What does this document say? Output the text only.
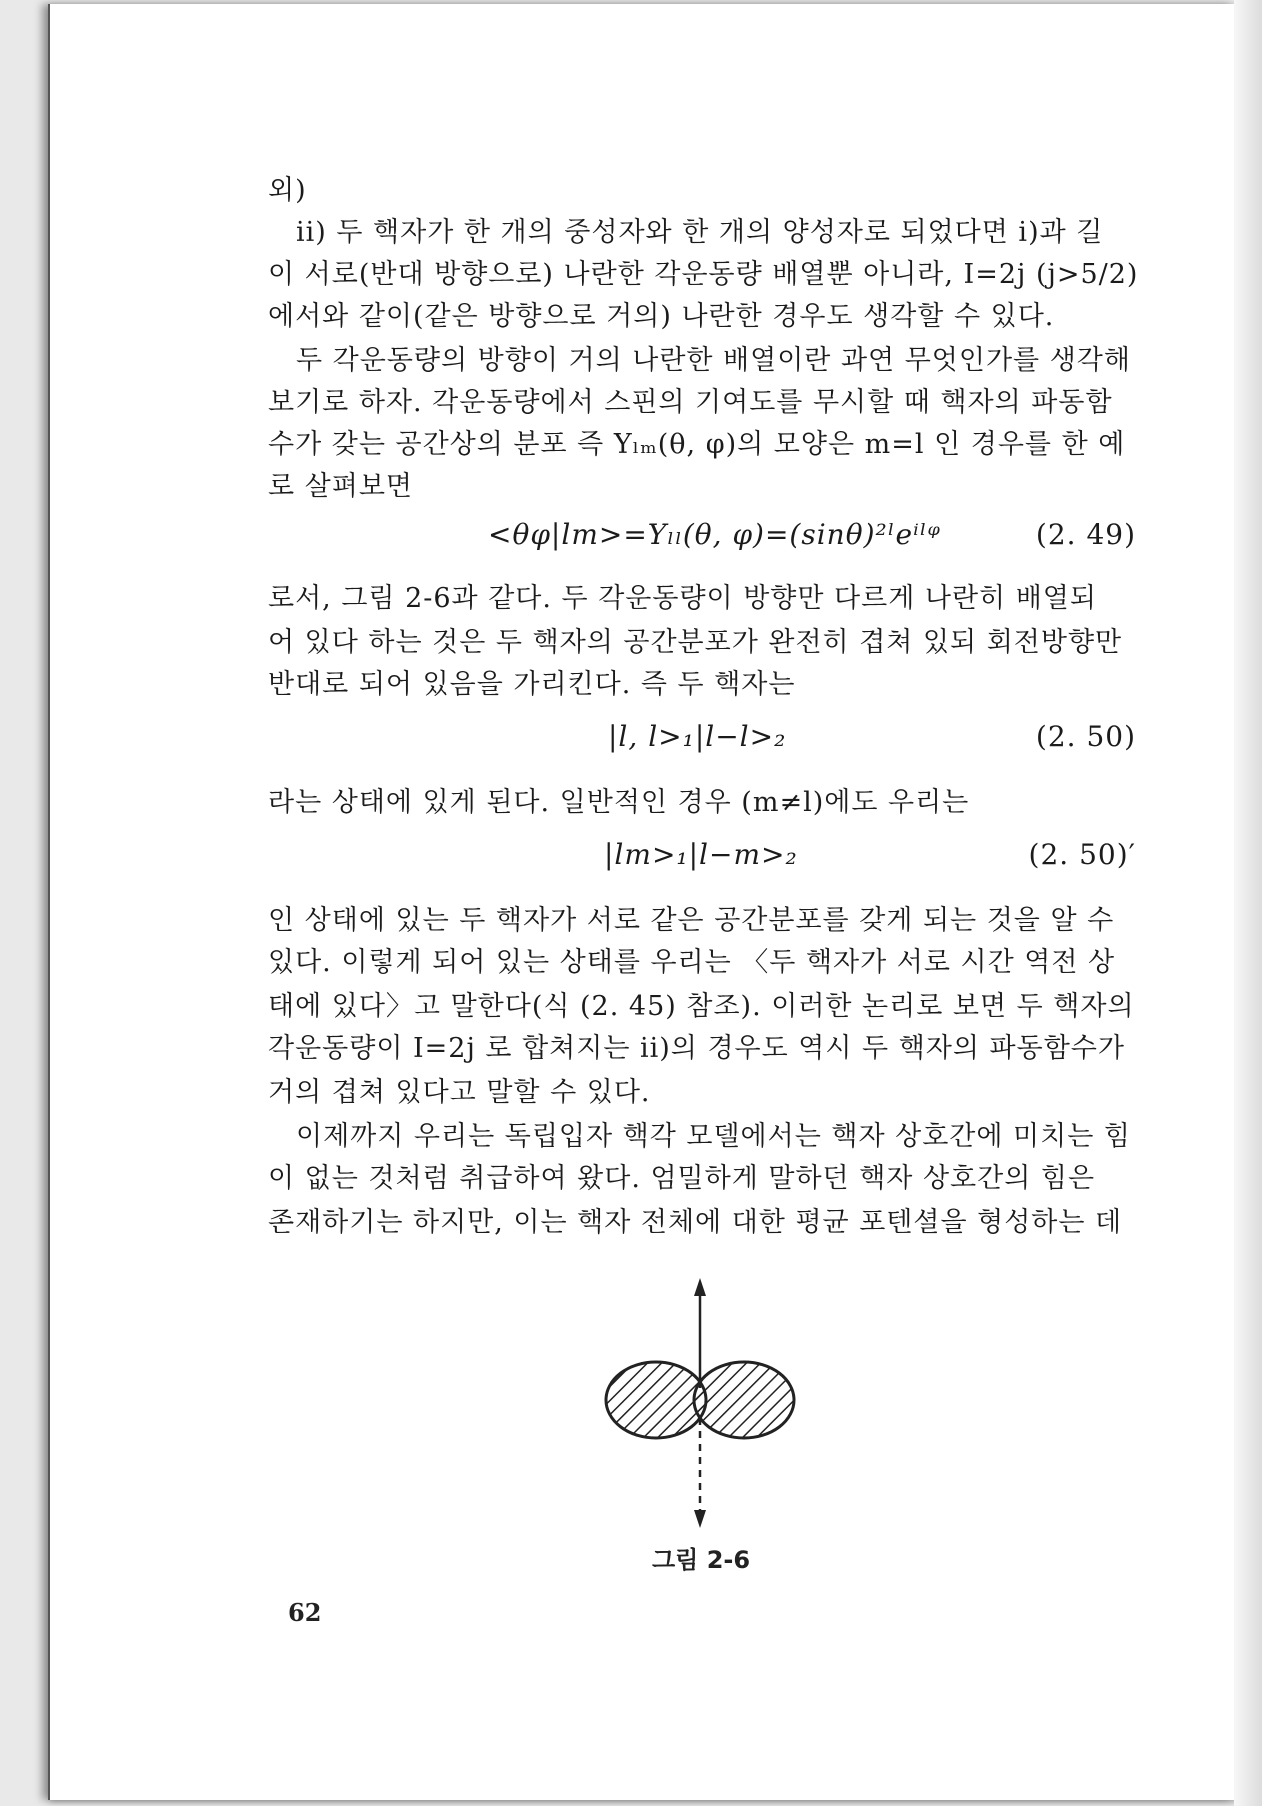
외)
ii) 두 핵자가 한 개의 중성자와 한 개의 양성자로 되었다면 i)과 길
이 서로(반대 방향으로) 나란한 각운동량 배열뿐 아니라, I=2j (j>5/2)
에서와 같이(같은 방향으로 거의) 나란한 경우도 생각할 수 있다.
두 각운동량의 방향이 거의 나란한 배열이란 과연 무엇인가를 생각해
보기로 하자. 각운동량에서 스핀의 기여도를 무시할 때 핵자의 파동함
수가 갖는 공간상의 분포 즉 Yₗₘ(θ, φ)의 모양은 m=l 인 경우를 한 예
로 살펴보면
<θφ|lm>=Yₗₗ(θ, φ)=(sinθ)²ˡeⁱˡᵠ	(2. 49)
로서, 그림 2-6과 같다. 두 각운동량이 방향만 다르게 나란히 배열되
어 있다 하는 것은 두 핵자의 공간분포가 완전히 겹쳐 있되 회전방향만
반대로 되어 있음을 가리킨다. 즉 두 핵자는
|l, l>₁|l−l>₂	(2. 50)
라는 상태에 있게 된다. 일반적인 경우 (m≠l)에도 우리는
|lm>₁|l−m>₂	(2. 50)′
인 상태에 있는 두 핵자가 서로 같은 공간분포를 갖게 되는 것을 알 수
있다. 이렇게 되어 있는 상태를 우리는 〈두 핵자가 서로 시간 역전 상
태에 있다〉고 말한다(식 (2. 45) 참조). 이러한 논리로 보면 두 핵자의
각운동량이 I=2j 로 합쳐지는 ii)의 경우도 역시 두 핵자의 파동함수가
거의 겹쳐 있다고 말할 수 있다.
이제까지 우리는 독립입자 핵각 모델에서는 핵자 상호간에 미치는 힘
이 없는 것처럼 취급하여 왔다. 엄밀하게 말하던 핵자 상호간의 힘은
존재하기는 하지만, 이는 핵자 전체에 대한 평균 포텐셜을 형성하는 데
그림 2-6
62
